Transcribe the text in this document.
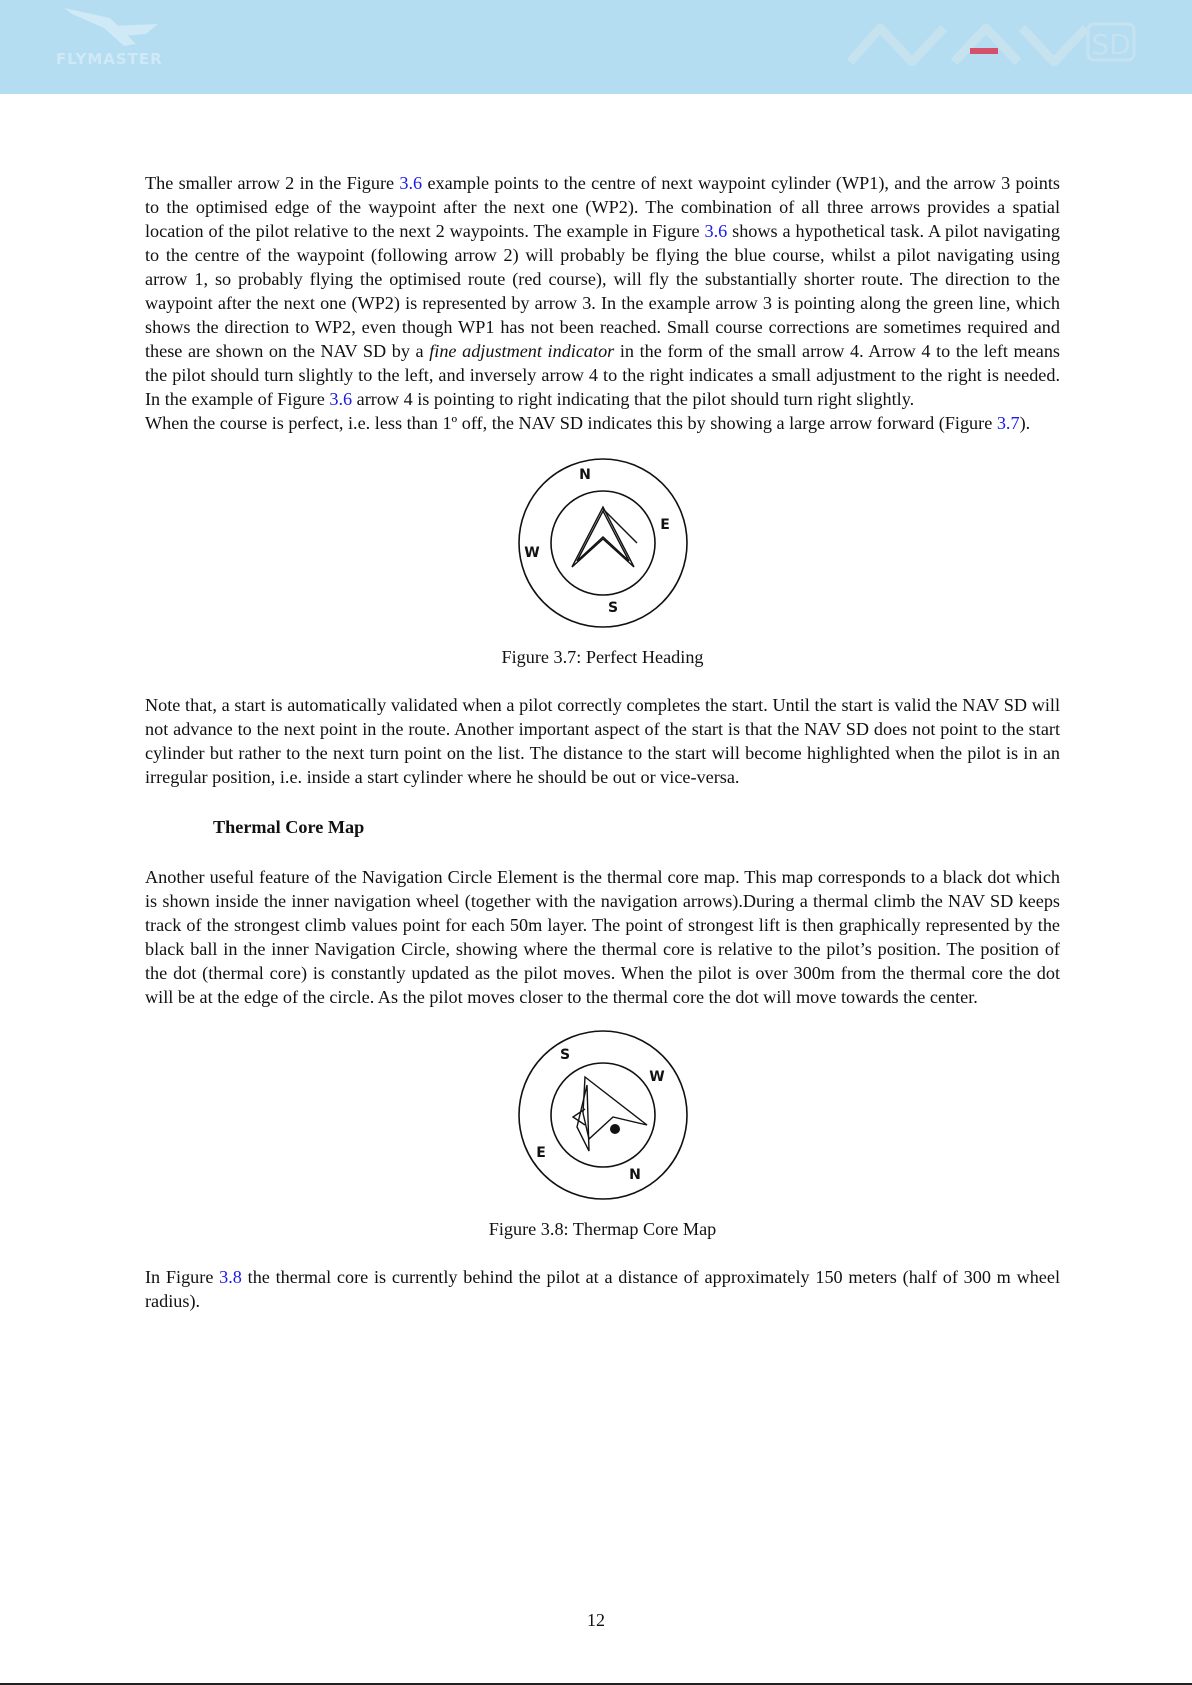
FLYMASTER	SD

The smaller arrow 2 in the Figure 3.6 example points to the centre of next waypoint cylinder (WP1), and the arrow 3 points to the optimised edge of the waypoint after the next one (WP2). The combination of all three arrows provides a spatial location of the pilot relative to the next 2 waypoints. The example in Figure 3.6 shows a hypothetical task. A pilot navigating to the centre of the waypoint (following arrow 2) will probably be flying the blue course, whilst a pilot navigating using arrow 1, so probably flying the optimised route (red course), will fly the substantially shorter route. The direction to the waypoint after the next one (WP2) is represented by arrow 3. In the example arrow 3 is pointing along the green line, which shows the direction to WP2, even though WP1 has not been reached. Small course corrections are sometimes required and these are shown on the NAV SD by a fine adjustment indicator in the form of the small arrow 4. Arrow 4 to the left means the pilot should turn slightly to the left, and inversely arrow 4 to the right indicates a small adjustment to the right is needed. In the example of Figure 3.6 arrow 4 is pointing to right indicating that the pilot should turn right slightly.

When the course is perfect, i.e. less than 1º off, the NAV SD indicates this by showing a large arrow forward (Figure 3.7).

N
E
S
W
Figure 3.7: Perfect Heading

Note that, a start is automatically validated when a pilot correctly completes the start. Until the start is valid the NAV SD will not advance to the next point in the route. Another important aspect of the start is that the NAV SD does not point to the start cylinder but rather to the next turn point on the list. The distance to the start will become highlighted when the pilot is in an irregular position, i.e. inside a start cylinder where he should be out or vice-versa.

Thermal Core Map

Another useful feature of the Navigation Circle Element is the thermal core map. This map corresponds to a black dot which is shown inside the inner navigation wheel (together with the navigation arrows).During a thermal climb the NAV SD keeps track of the strongest climb values point for each 50m layer. The point of strongest lift is then graphically represented by the black ball in the inner Navigation Circle, showing where the thermal core is relative to the pilot’s position. The position of the dot (thermal core) is constantly updated as the pilot moves. When the pilot is over 300m from the thermal core the dot will be at the edge of the circle. As the pilot moves closer to the thermal core the dot will move towards the center.

S
W
E
N
Figure 3.8: Thermap Core Map

In Figure 3.8 the thermal core is currently behind the pilot at a distance of approximately 150 meters (half of 300 m wheel radius).

12
